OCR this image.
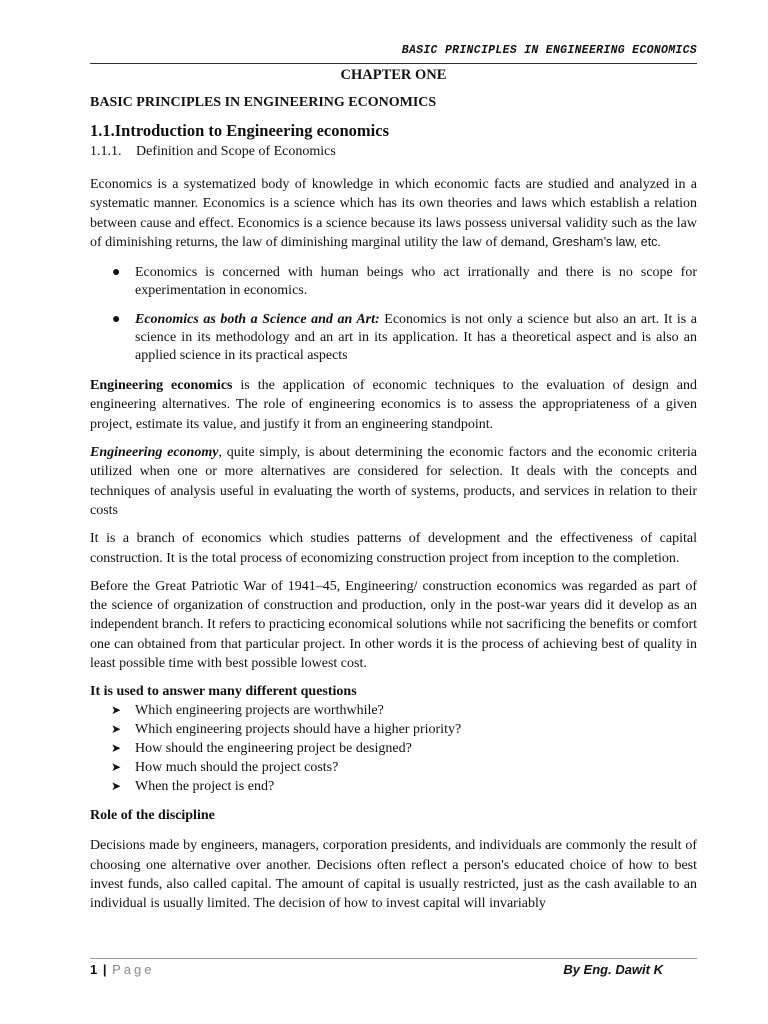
BASIC PRINCIPLES IN ENGINEERING ECONOMICS
CHAPTER ONE
BASIC PRINCIPLES IN ENGINEERING ECONOMICS
1.1.Introduction to Engineering economics
1.1.1. Definition and Scope of Economics

Economics is a systematized body of knowledge in which economic facts are studied and analyzed in a systematic manner. Economics is a science which has its own theories and laws which establish a relation between cause and effect. Economics is a science because its laws possess universal validity such as the law of diminishing returns, the law of diminishing marginal utility the law of demand, Gresham’s law, etc.

● Economics is concerned with human beings who act irrationally and there is no scope for experimentation in economics.
● Economics as both a Science and an Art: Economics is not only a science but also an art. It is a science in its methodology and an art in its application. It has a theoretical aspect and is also an applied science in its practical aspects

Engineering economics is the application of economic techniques to the evaluation of design and engineering alternatives. The role of engineering economics is to assess the appropriateness of a given project, estimate its value, and justify it from an engineering standpoint.

Engineering economy, quite simply, is about determining the economic factors and the economic criteria utilized when one or more alternatives are considered for selection. It deals with the concepts and techniques of analysis useful in evaluating the worth of systems, products, and services in relation to their costs

It is a branch of economics which studies patterns of development and the effectiveness of capital construction. It is the total process of economizing construction project from inception to the completion.

Before the Great Patriotic War of 1941–45, Engineering/ construction economics was regarded as part of the science of organization of construction and production, only in the post-war years did it develop as an independent branch. It refers to practicing economical solutions while not sacrificing the benefits or comfort one can obtained from that particular project. In other words it is the process of achieving best of quality in least possible time with best possible lowest cost.

It is used to answer many different questions
➤ Which engineering projects are worthwhile?
➤ Which engineering projects should have a higher priority?
➤ How should the engineering project be designed?
➤ How much should the project costs?
➤ When the project is end?
Role of the discipline

Decisions made by engineers, managers, corporation presidents, and individuals are commonly the result of choosing one alternative over another. Decisions often reflect a person's educated choice of how to best invest funds, also called capital. The amount of capital is usually restricted, just as the cash available to an individual is usually limited. The decision of how to invest capital will invariably

1 | Page	By Eng. Dawit K
